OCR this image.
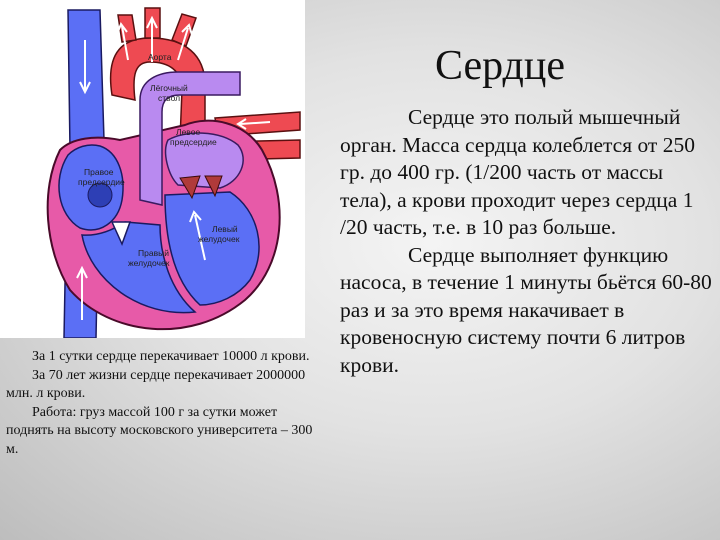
Аорта
Лёгочный
ствол
Левое
предсердие
Правое
предсердие
Левый
желудочек
Правый
желудочек
Сердце

Сердце это полый мышечный орган. Масса сердца колеблется от 250 гр. до 400 гр. (1/200 часть от массы тела), а крови проходит через сердца 1 /20 часть, т.е. в 10 раз больше.

Сердце выполняет функцию насоса, в течение 1 минуты бьётся 60-80 раз и за это время накачивает в кровеносную систему почти 6 литров крови.

За 1 сутки сердце перекачивает 10000 л крови.

За 70 лет жизни сердце перекачивает 2000000 млн. л крови.

Работа: груз массой 100 г за сутки может поднять на высоту московского университета – 300 м.
